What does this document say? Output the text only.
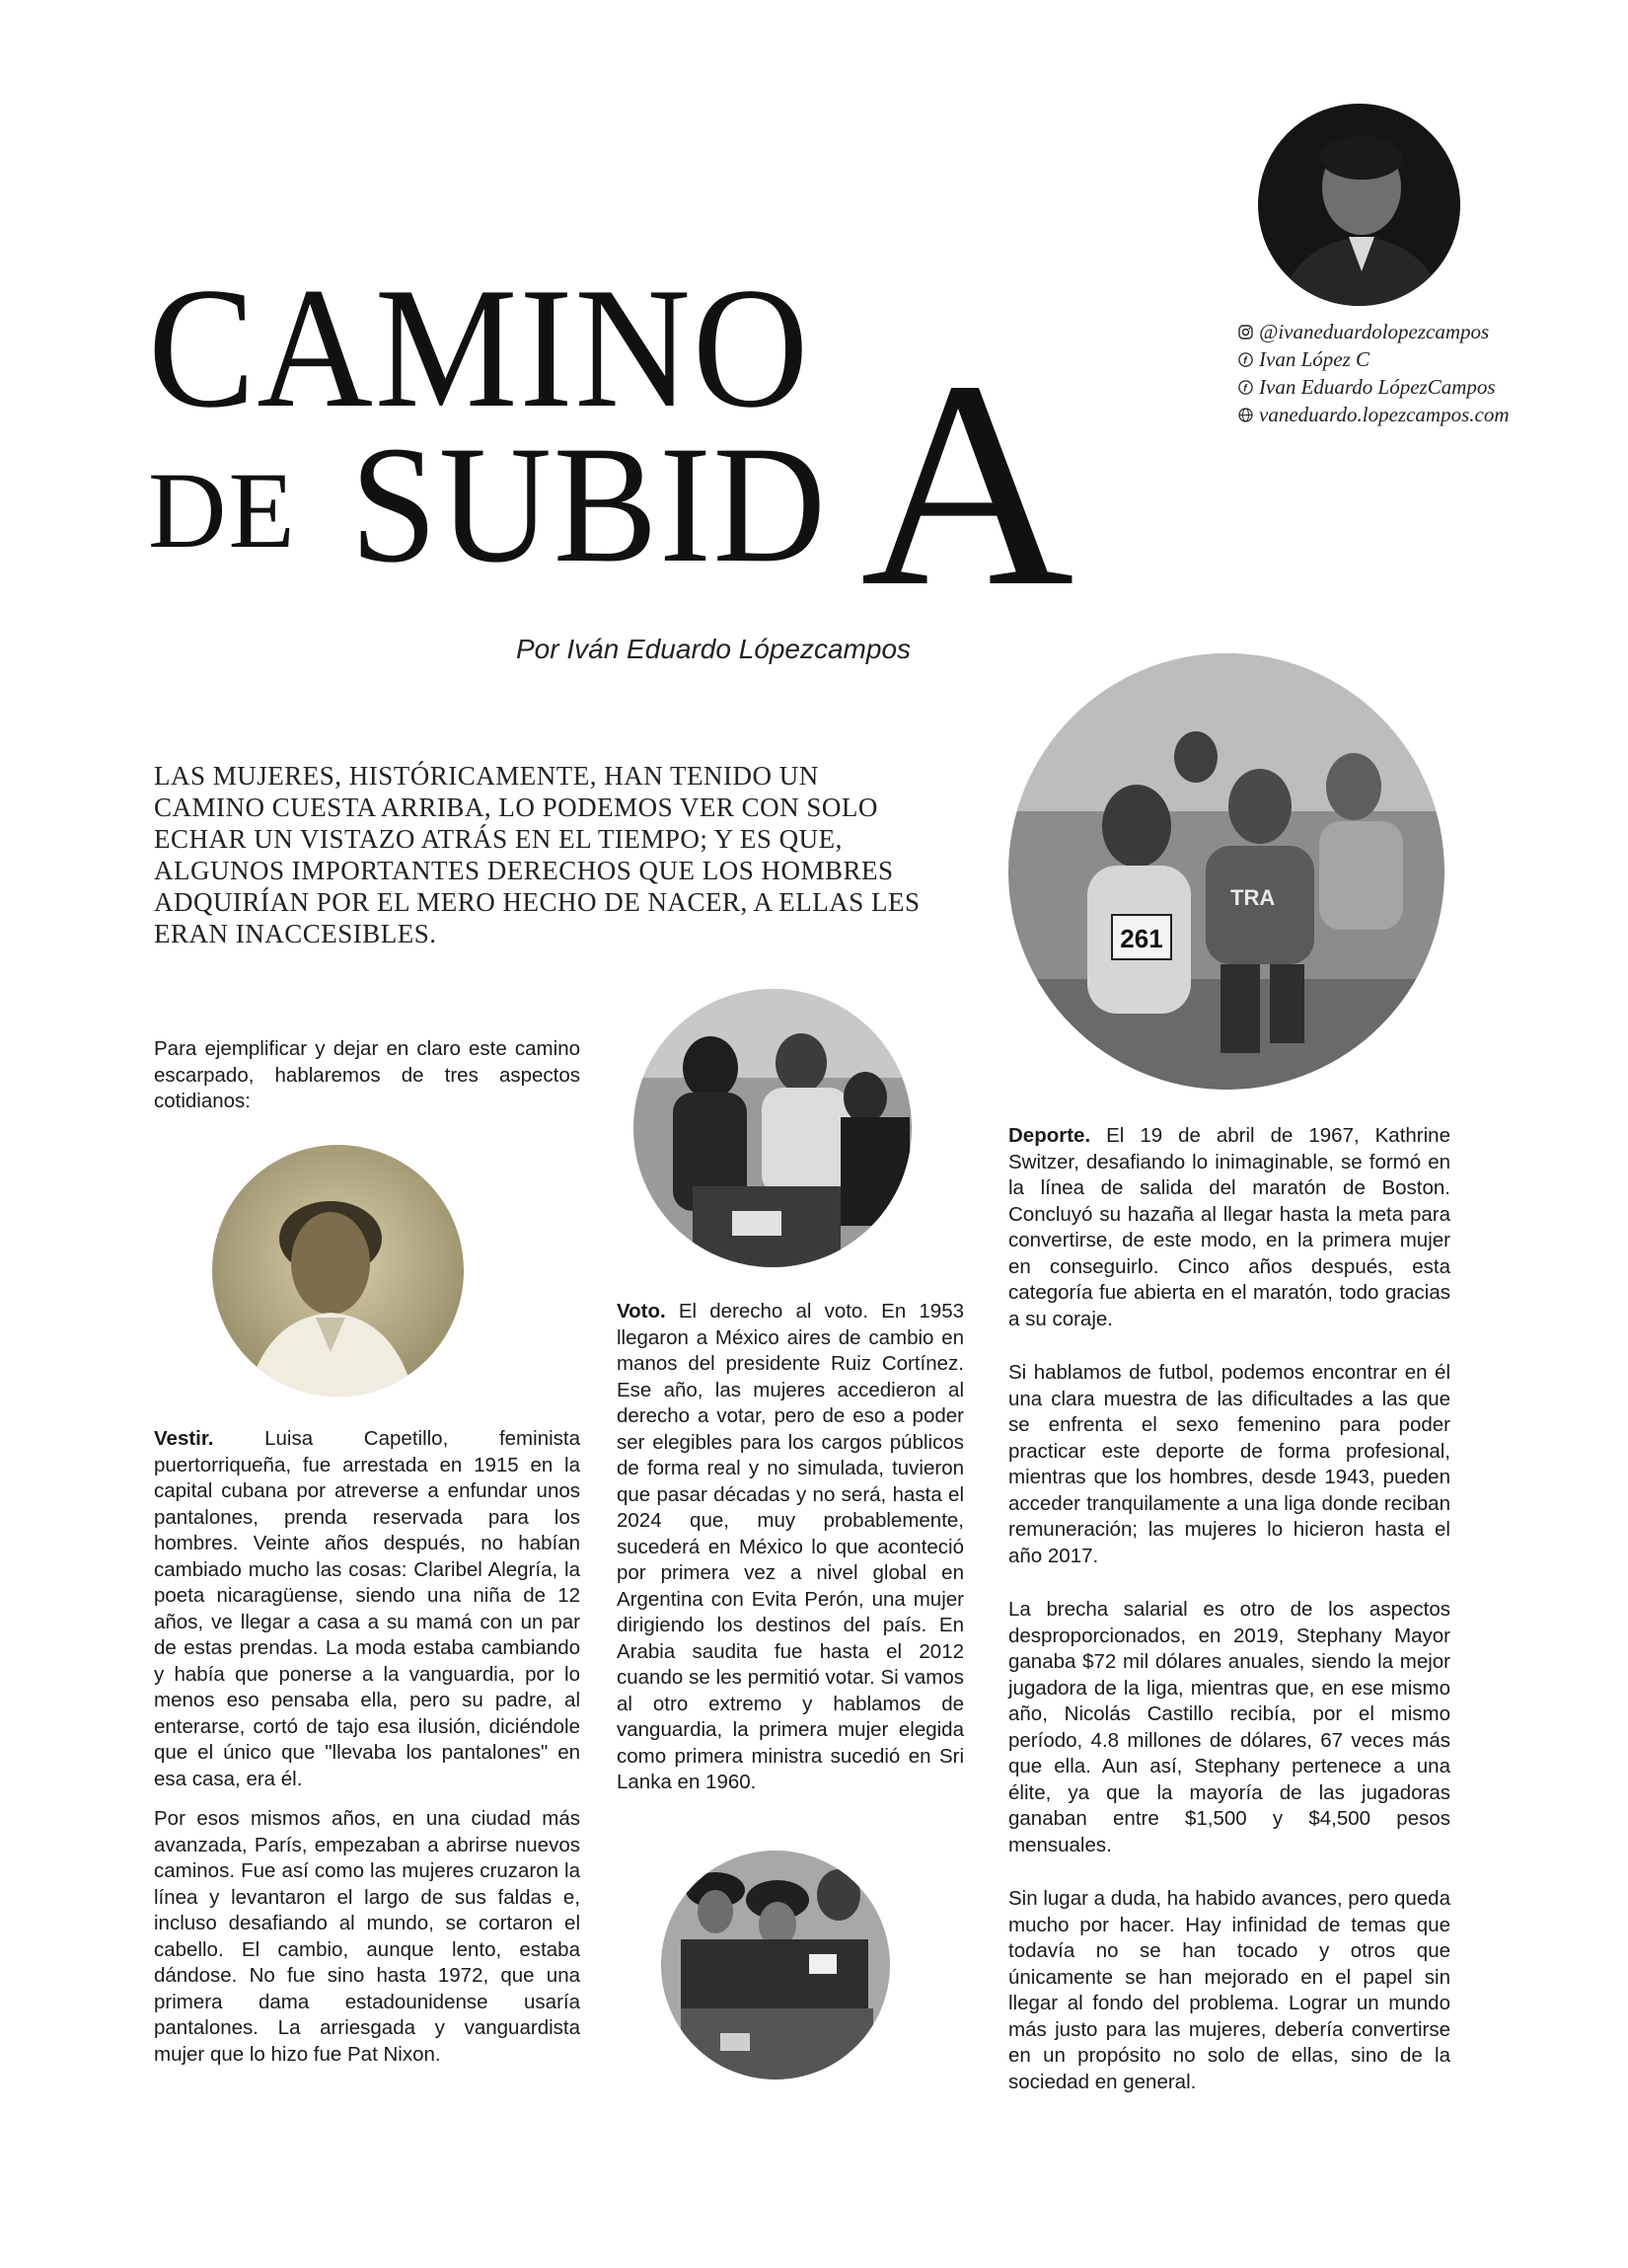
CAMINO
DE SUBID A
Por Iván Eduardo Lópezcampos
@ivaneduardolopezcampos
f Ivan López C
f Ivan Eduardo LópezCampos
vaneduardo.lopezcampos.com

LAS MUJERES, HISTÓRICAMENTE, HAN TENIDO UN CAMINO CUESTA ARRIBA, LO PODEMOS VER CON SOLO ECHAR UN VISTAZO ATRÁS EN EL TIEMPO; Y ES QUE, ALGUNOS IMPORTANTES DERECHOS QUE LOS HOMBRES ADQUIRÍAN POR EL MERO HECHO DE NACER, A ELLAS LES ERAN INACCESIBLES.	261
TRA

Para ejemplificar y dejar en claro este camino escarpado, hablaremos de tres aspectos cotidianos:

Vestir. Luisa Capetillo, feminista puertorriqueña, fue arrestada en 1915 en la capital cubana por atreverse a enfundar unos pantalones, prenda reservada para los hombres. Veinte años después, no habían cambiado mucho las cosas: Claribel Alegría, la poeta nicaragüense, siendo una niña de 12 años, ve llegar a casa a su mamá con un par de estas prendas. La moda estaba cambiando y había que ponerse a la vanguardia, por lo menos eso pensaba ella, pero su padre, al enterarse, cortó de tajo esa ilusión, diciéndole que el único que "llevaba los pantalones" en esa casa, era él.

Por esos mismos años, en una ciudad más avanzada, París, empezaban a abrirse nuevos caminos. Fue así como las mujeres cruzaron la línea y levantaron el largo de sus faldas e, incluso desafiando al mundo, se cortaron el cabello. El cambio, aunque lento, estaba dándose. No fue sino hasta 1972, que una primera dama estadounidense usaría pantalones. La arriesgada y vanguardista mujer que lo hizo fue Pat Nixon.

Voto. El derecho al voto. En 1953 llegaron a México aires de cambio en manos del presidente Ruiz Cortínez. Ese año, las mujeres accedieron al derecho a votar, pero de eso a poder ser elegibles para los cargos públicos de forma real y no simulada, tuvieron que pasar décadas y no será, hasta el 2024 que, muy probablemente, sucederá en México lo que aconteció por primera vez a nivel global en Argentina con Evita Perón, una mujer dirigiendo los destinos del país. En Arabia saudita fue hasta el 2012 cuando se les permitió votar. Si vamos al otro extremo y hablamos de vanguardia, la primera mujer elegida como primera ministra sucedió en Sri Lanka en 1960.

Deporte. El 19 de abril de 1967, Kathrine Switzer, desafiando lo inimaginable, se formó en la línea de salida del maratón de Boston. Concluyó su hazaña al llegar hasta la meta para convertirse, de este modo, en la primera mujer en conseguirlo. Cinco años después, esta categoría fue abierta en el maratón, todo gracias a su coraje.

Si hablamos de futbol, podemos encontrar en él una clara muestra de las dificultades a las que se enfrenta el sexo femenino para poder practicar este deporte de forma profesional, mientras que los hombres, desde 1943, pueden acceder tranquilamente a una liga donde reciban remuneración; las mujeres lo hicieron hasta el año 2017.

La brecha salarial es otro de los aspectos desproporcionados, en 2019, Stephany Mayor ganaba $72 mil dólares anuales, siendo la mejor jugadora de la liga, mientras que, en ese mismo año, Nicolás Castillo recibía, por el mismo período, 4.8 millones de dólares, 67 veces más que ella. Aun así, Stephany pertenece a una élite, ya que la mayoría de las jugadoras ganaban entre $1,500 y $4,500 pesos mensuales.

Sin lugar a duda, ha habido avances, pero queda mucho por hacer. Hay infinidad de temas que todavía no se han tocado y otros que únicamente se han mejorado en el papel sin llegar al fondo del problema. Lograr un mundo más justo para las mujeres, debería convertirse en un propósito no solo de ellas, sino de la sociedad en general.
